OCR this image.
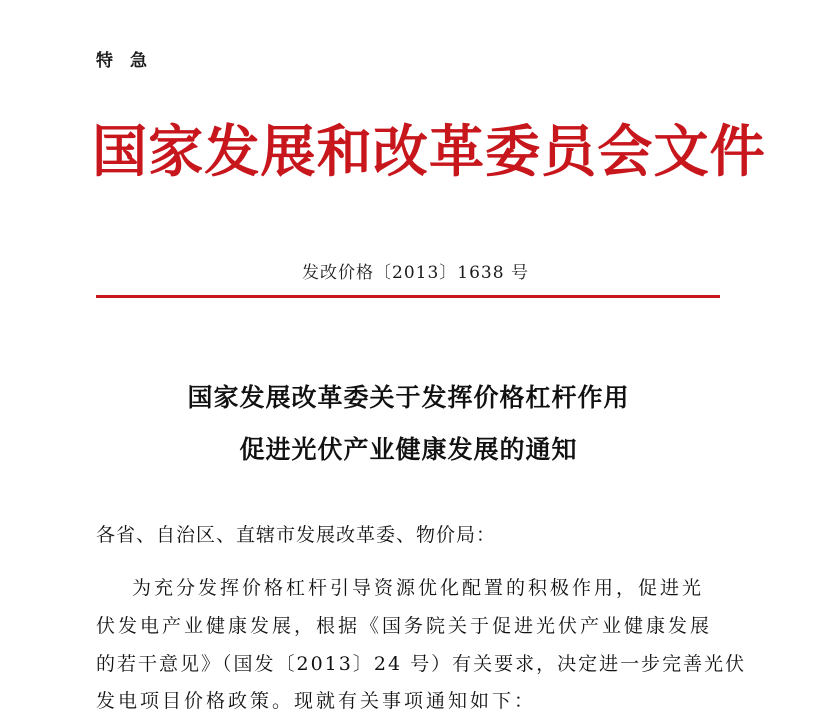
特急
国家发展和改革委员会文件
发改价格〔2013〕1638 号
国家发展改革委关于发挥价格杠杆作用
促进光伏产业健康发展的通知
各省、自治区、直辖市发展改革委、物价局：
为充分发挥价格杠杆引导资源优化配置的积极作用，促进光
伏发电产业健康发展，根据《国务院关于促进光伏产业健康发展
的若干意见》（国发〔2013〕24 号）有关要求，决定进一步完善光伏
发电项目价格政策。现就有关事项通知如下：
